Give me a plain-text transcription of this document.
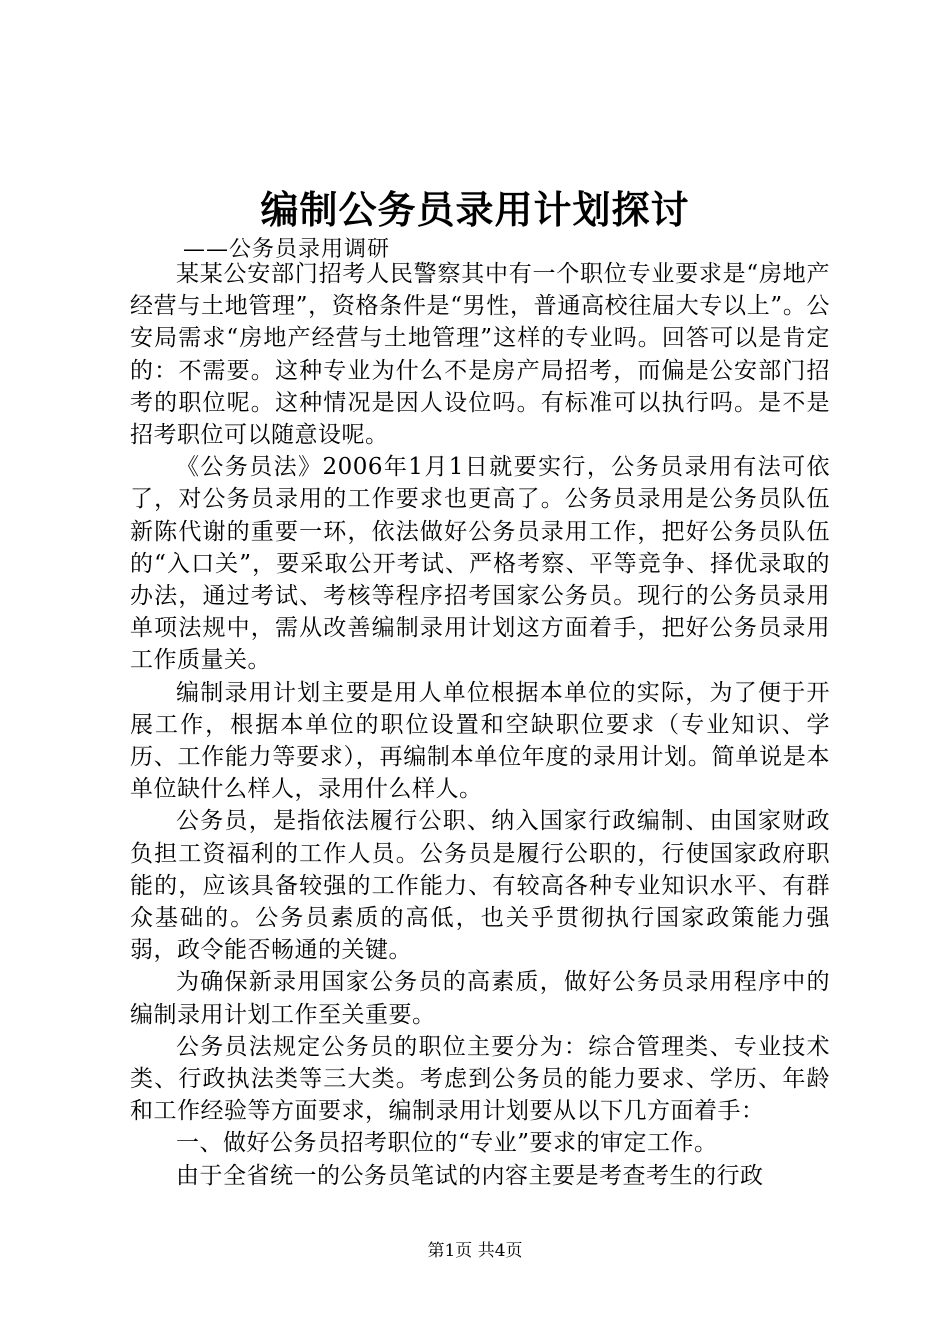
编制公务员录用计划探讨
——公务员录用调研

某某公安部门招考人民警察其中有一个职位专业要求是“房地产经营与土地管理”，资格条件是“男性，普通高校往届大专以上”。公安局需求“房地产经营与土地管理”这样的专业吗。回答可以是肯定的：不需要。这种专业为什么不是房产局招考，而偏是公安部门招考的职位呢。这种情况是因人设位吗。有标准可以执行吗。是不是招考职位可以随意设呢。

《公务员法》2006年1月1日就要实行，公务员录用有法可依了，对公务员录用的工作要求也更高了。公务员录用是公务员队伍新陈代谢的重要一环，依法做好公务员录用工作，把好公务员队伍的“入口关”，要采取公开考试、严格考察、平等竞争、择优录取的办法，通过考试、考核等程序招考国家公务员。现行的公务员录用单项法规中，需从改善编制录用计划这方面着手，把好公务员录用工作质量关。

编制录用计划主要是用人单位根据本单位的实际，为了便于开展工作，根据本单位的职位设置和空缺职位要求（专业知识、学历、工作能力等要求），再编制本单位年度的录用计划。简单说是本单位缺什么样人，录用什么样人。

公务员，是指依法履行公职、纳入国家行政编制、由国家财政负担工资福利的工作人员。公务员是履行公职的，行使国家政府职能的，应该具备较强的工作能力、有较高各种专业知识水平、有群众基础的。公务员素质的高低，也关乎贯彻执行国家政策能力强弱，政令能否畅通的关键。

为确保新录用国家公务员的高素质，做好公务员录用程序中的编制录用计划工作至关重要。

公务员法规定公务员的职位主要分为：综合管理类、专业技术类、行政执法类等三大类。考虑到公务员的能力要求、学历、年龄和工作经验等方面要求，编制录用计划要从以下几方面着手：

一、做好公务员招考职位的“专业”要求的审定工作。

由于全省统一的公务员笔试的内容主要是考查考生的行政

第1页 共4页
